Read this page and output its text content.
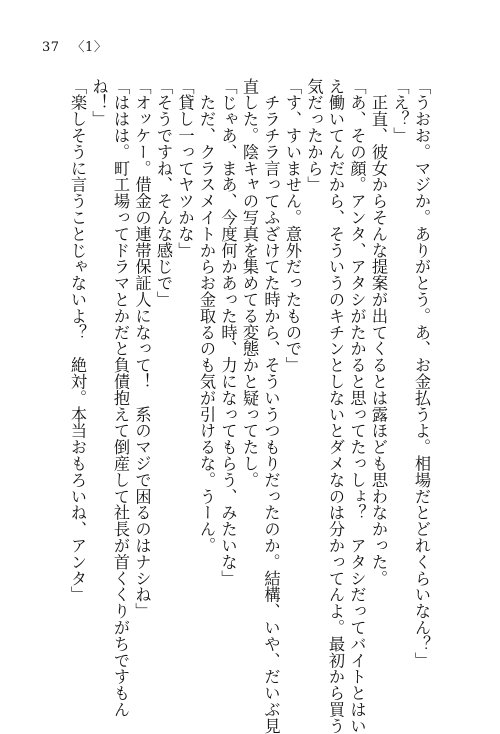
37 〈1〉
「うおお。マジか。ありがとう。あ、お金払うよ。相場だとどれくらいなん？」
「え？」
　正直、彼女からそんな提案が出てくるとは露ほども思わなかった。
「あ、その顔。アンタ、アタシがたかると思ってたっしょ？　アタシだってバイトとはい
え働いてんだから、そういうのキチンとしないとダメなのは分かってんよ。最初から買う
気だったから」
「す、すいません。意外だったもので」
　チラチラ言ってふざけてた時から、そういうつもりだったのか。結構、いや、だいぶ見
直した。陰キャの写真を集めてる変態かと疑ってたし。
「じゃあ、まあ、今度何かあった時、力になってもらう、みたいな」
　ただ、クラスメイトからお金取るのも気が引けるな。うーん。
「貸し一ってヤツかな」
「そうですね、そんな感じで」
「オッケー。借金の連帯保証人になって！　系のマジで困るのはナシね」
「ははは。町工場ってドラマとかだと負債抱えて倒産して社長が首くくりがちですもん
ね！」
「楽しそうに言うことじゃないよ？　絶対。本当おもろいね、アンタ」
